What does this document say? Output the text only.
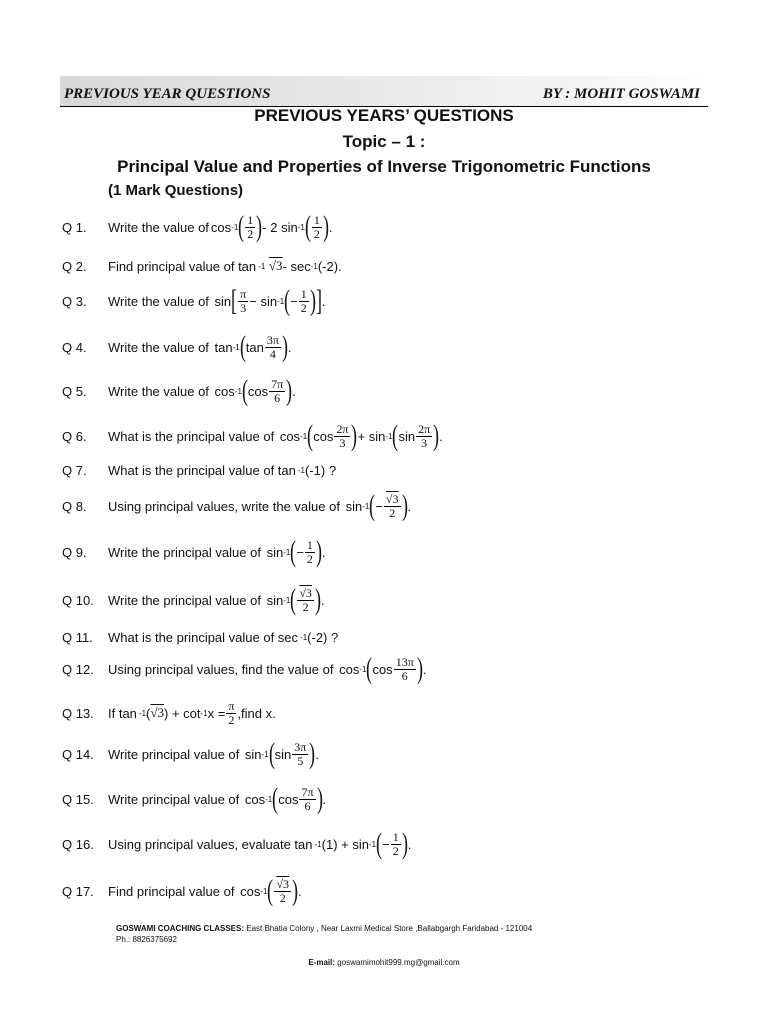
PREVIOUS YEAR QUESTIONS	BY : MOHIT GOSWAMI
PREVIOUS YEARS’ QUESTIONS
Topic – 1 :
Principal Value and Properties of Inverse Trigonometric Functions
(1 Mark Questions)
Q 1.	Write the value of cos -1 ( $\frac{1}{2}$ ) - 2 sin -1 ( $\frac{1}{2}$ ) .
Q 2.	Find principal value of tan -1
√3 - sec -1 (-2).
Q 3.	Write the value of
sin [ $\frac{\pi}{3}$ −
sin -1 ( − $\frac{1}{2}$ ) ] .
Q 4.	Write the value of
tan -1 ( $\tan \frac{3\pi}{4}$ ) .
Q 5.	Write the value of
cos -1 ( $\cos \frac{7\pi}{6}$ ) .
Q 6.	What is the principal value of
cos -1 ( $\cos \frac{2\pi}{3}$ ) +
sin -1 ( $\sin \frac{2\pi}{3}$ ) .
Q 7.	What is the principal value of tan -1 (-1) ?
Q 8.	Using principal values, write the value of
sin -1 ( − $\frac{√3}{2}$ ) .
Q 9.	Write the principal value of
sin -1 ( − $\frac{1}{2}$ ) .
Q 10.	Write the principal value of
sin -1 ( $\frac{√3}{2}$ ) .
Q 11.	What is the principal value of sec -1 (-2) ?
Q 12.	Using principal values, find the value of
cos -1 ( $\cos \frac{13\pi}{6}$ ) .
Q 13.	If tan -1 ( √3 ) + cot -1 $x = \frac{\pi}{2}$ ,find x.
Q 14.	Write principal value of
sin -1 ( $\sin \frac{3\pi}{5}$ ) .
Q 15.	Write principal value of
cos -1 ( $\cos \frac{7\pi}{6}$ ) .
Q 16.	Using principal values, evaluate tan -1 (1) + sin -1 ( − $\frac{1}{2}$ ) .
Q 17.	Find principal value of
cos -1 ( $\frac{√3}{2}$ ) .
GOSWAMI COACHING CLASSES: East Bhatia Colony , Near Laxmi Medical Store ,Ballabgargh Faridabad - 121004
Ph.: 8826375692
E-mail: goswamimohit999.mg@gmail.com
